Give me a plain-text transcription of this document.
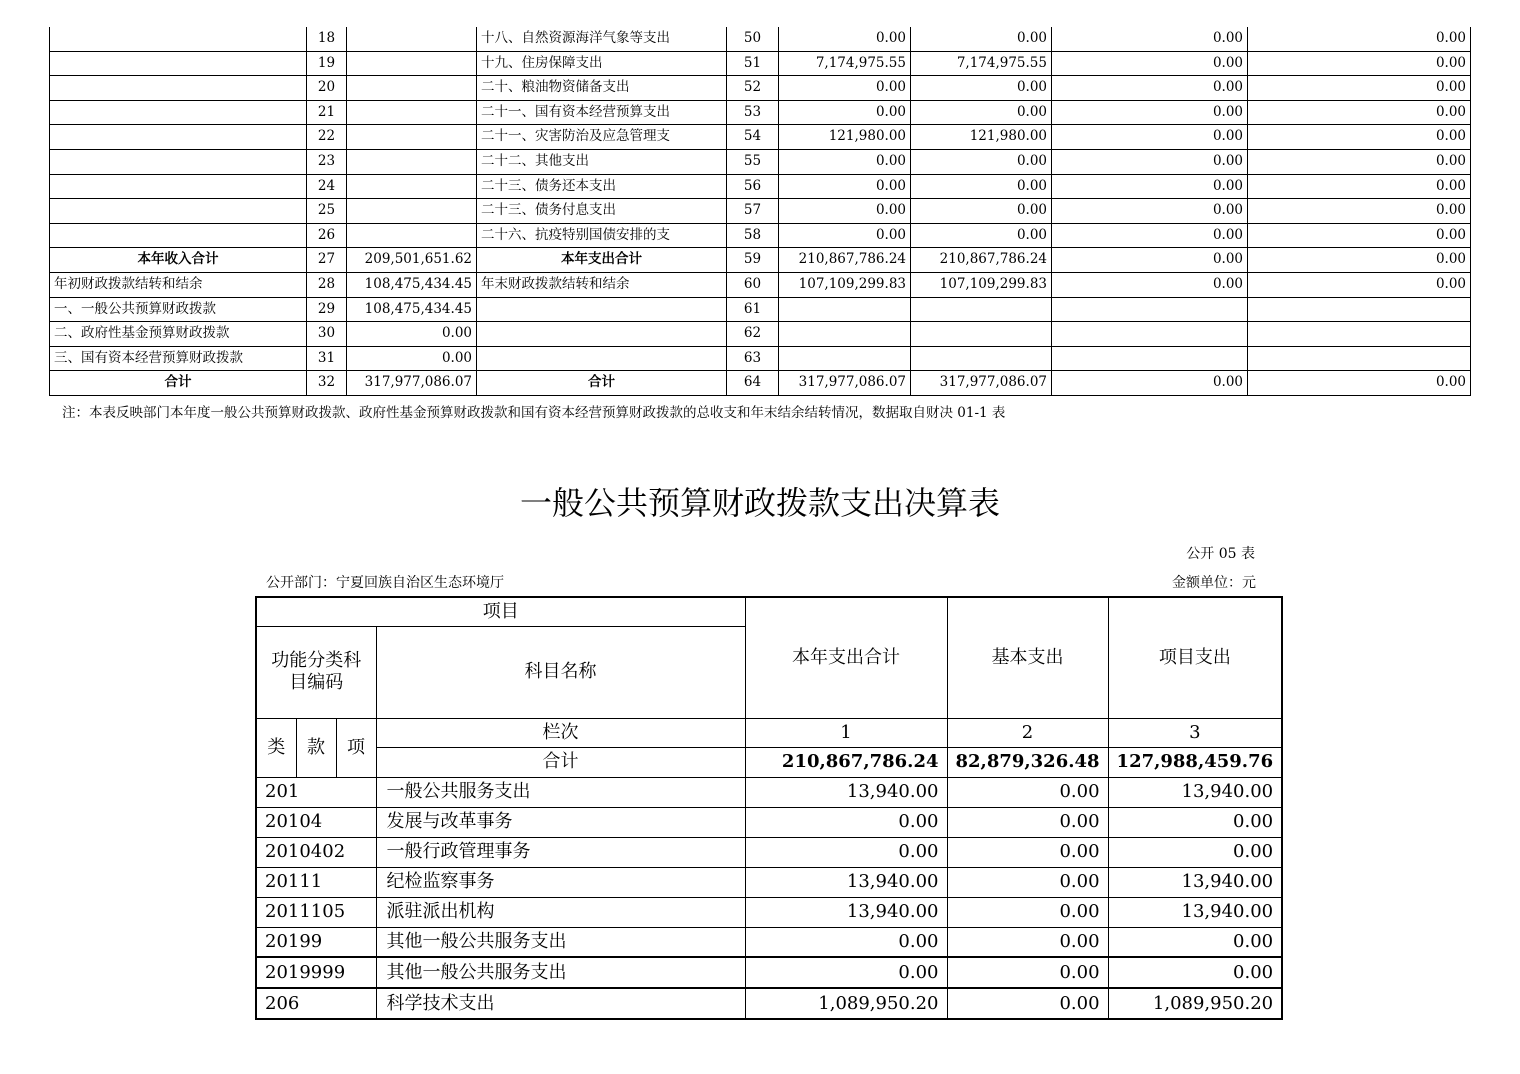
	18		十八、自然资源海洋气象等支出	50	0.00	0.00	0.00	0.00
	19		十九、住房保障支出	51	7,174,975.55	7,174,975.55	0.00	0.00
	20		二十、粮油物资储备支出	52	0.00	0.00	0.00	0.00
	21		二十一、国有资本经营预算支出	53	0.00	0.00	0.00	0.00
	22		二十一、灾害防治及应急管理支	54	121,980.00	121,980.00	0.00	0.00
	23		二十二、其他支出	55	0.00	0.00	0.00	0.00
	24		二十三、债务还本支出	56	0.00	0.00	0.00	0.00
	25		二十三、债务付息支出	57	0.00	0.00	0.00	0.00
	26		二十六、抗疫特别国债安排的支	58	0.00	0.00	0.00	0.00
本年收入合计	27	209,501,651.62	本年支出合计	59	210,867,786.24	210,867,786.24	0.00	0.00
年初财政拨款结转和结余	28	108,475,434.45	年末财政拨款结转和结余	60	107,109,299.83	107,109,299.83	0.00	0.00
一、一般公共预算财政拨款	29	108,475,434.45		61				
二、政府性基金预算财政拨款	30	0.00		62				
三、国有资本经营预算财政拨款	31	0.00		63				
合计	32	317,977,086.07	合计	64	317,977,086.07	317,977,086.07	0.00	0.00
注：本表反映部门本年度一般公共预算财政拨款、政府性基金预算财政拨款和国有资本经营预算财政拨款的总收支和年末结余结转情况，数据取自财决 01-1 表
一般公共预算财政拨款支出决算表
公开 05 表
公开部门：宁夏回族自治区生态环境厅	金额单位：元
项目				本年支出合计	基本支出	项目支出
功能分类科目编码			科目名称			

类	款	项	栏次	1	2	3
			合计	210,867,786.24	82,879,326.48	127,988,459.76
201			一般公共服务支出	13,940.00	0.00	13,940.00
20104			发展与改革事务	0.00	0.00	0.00
2010402			一般行政管理事务	0.00	0.00	0.00
20111			纪检监察事务	13,940.00	0.00	13,940.00
2011105			派驻派出机构	13,940.00	0.00	13,940.00
20199			其他一般公共服务支出	0.00	0.00	0.00
2019999			其他一般公共服务支出	0.00	0.00	0.00
206			科学技术支出	1,089,950.20	0.00	1,089,950.20
